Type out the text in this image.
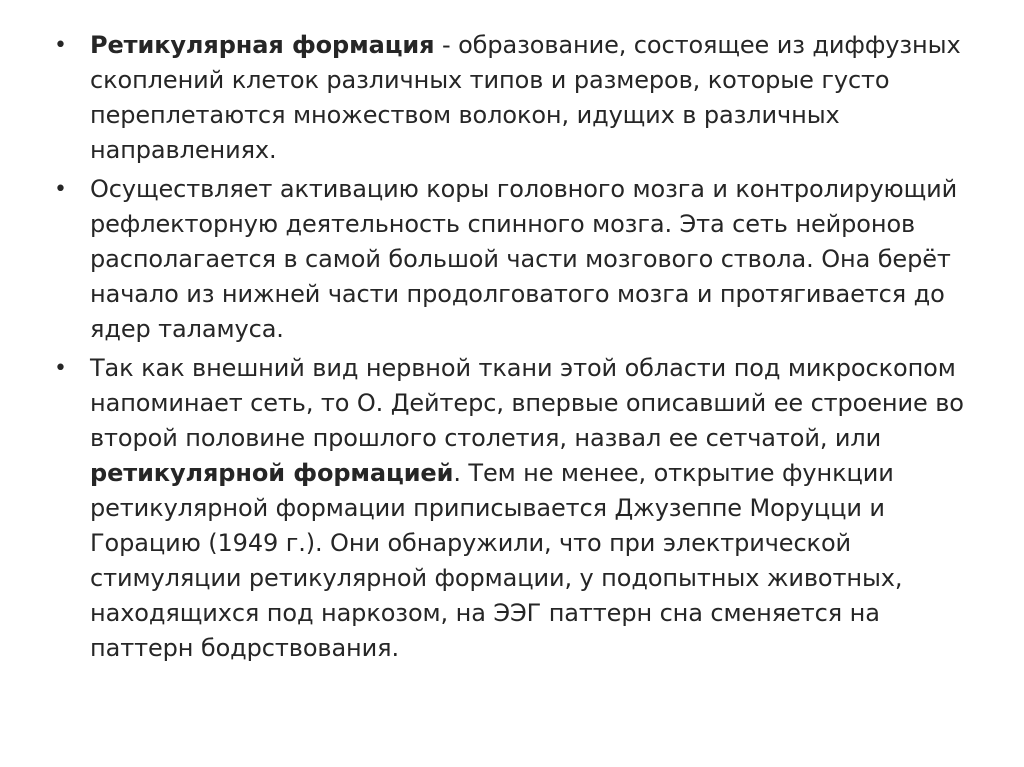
• Ретикулярная формация - образование, состоящее из диффузных скоплений клеток различных типов и размеров, которые густо переплетаются множеством волокон, идущих в различных направлениях.
• Осуществляет активацию коры головного мозга и контролирующий рефлекторную деятельность спинного мозга. Эта сеть нейронов располагается в самой большой части мозгового ствола. Она берёт начало из нижней части продолговатого мозга и протягивается до ядер таламуса.
• Так как внешний вид нервной ткани этой области под микроскопом напоминает сеть, то О. Дейтерс, впервые описавший ее строение во второй половине прошлого столетия, назвал ее сетчатой, или ретикулярной формацией. Тем не менее, открытие функции ретикулярной формации приписывается Джузеппе Моруцци и Горацию (1949 г.). Они обнаружили, что при электрической стимуляции ретикулярной формации, у подопытных животных, находящихся под наркозом, на ЭЭГ паттерн сна сменяется на паттерн бодрствования.
